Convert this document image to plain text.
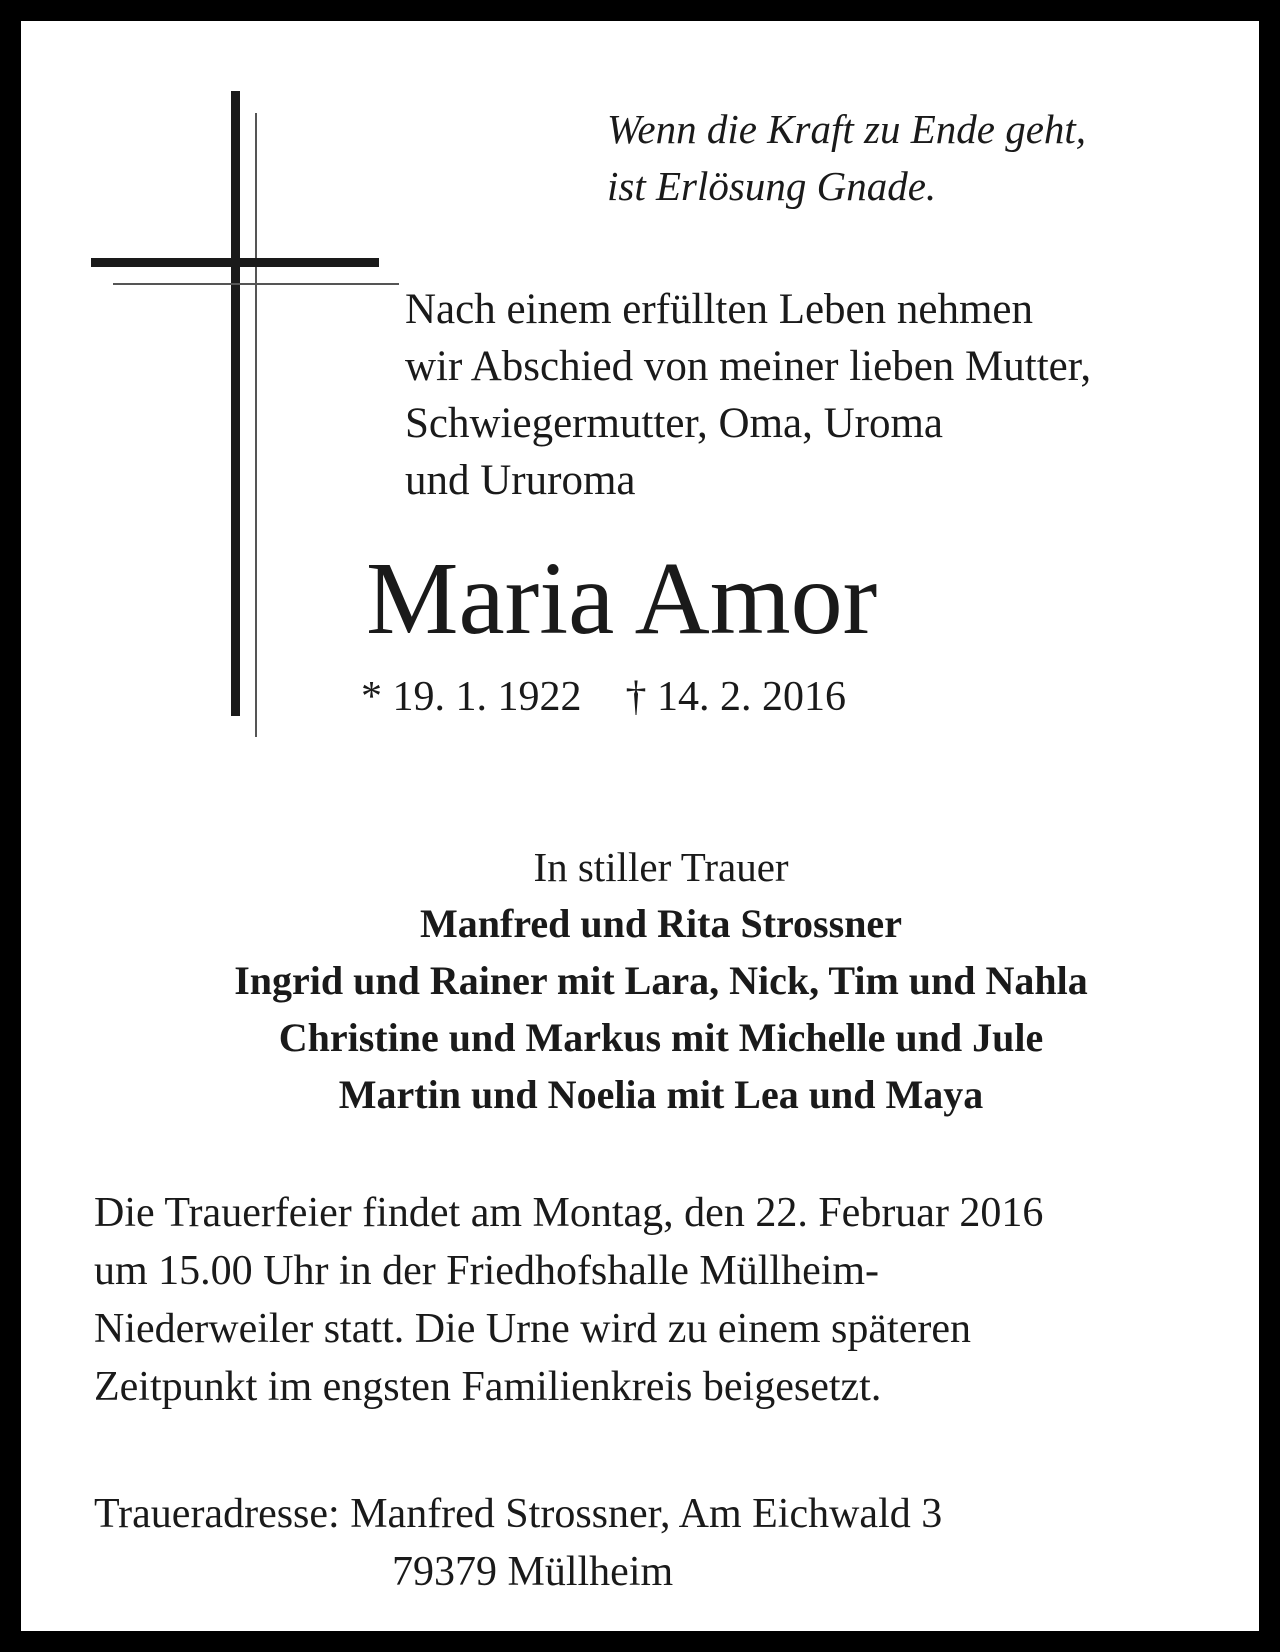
Wenn die Kraft zu Ende geht,
ist Erlösung Gnade.
Nach einem erfüllten Leben nehmen
wir Abschied von meiner lieben Mutter,
Schwiegermutter, Oma, Uroma
und Ururoma
Maria Amor
* 19. 1. 1922 † 14. 2. 2016
In stiller Trauer
Manfred und Rita Strossner
Ingrid und Rainer mit Lara, Nick, Tim und Nahla
Christine und Markus mit Michelle und Jule
Martin und Noelia mit Lea und Maya
Die Trauerfeier findet am Montag, den 22. Februar 2016
um 15.00 Uhr in der Friedhofshalle Müllheim-
Niederweiler statt. Die Urne wird zu einem späteren
Zeitpunkt im engsten Familienkreis beigesetzt.
Traueradresse: Manfred Strossner, Am Eichwald 3
79379 Müllheim
